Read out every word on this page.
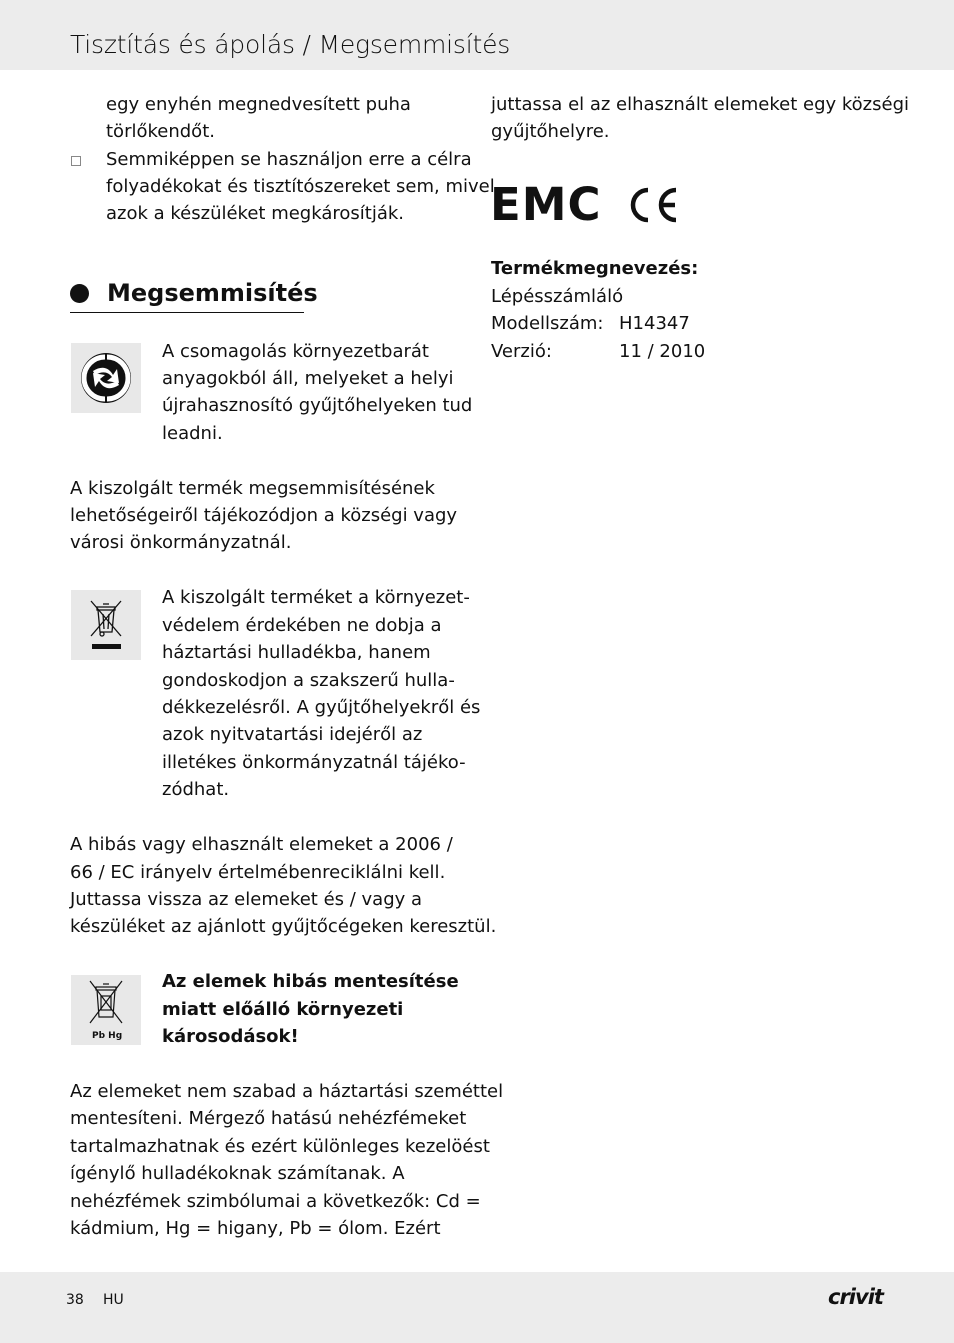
Tisztítás és ápolás / Megsemmisítés
egy enyhén megnedvesített puha
törlőkendőt.
Semmiképpen se használjon erre a célra
folyadékokat és tisztítószereket sem, mivel
azok a készüléket megkárosítják.
Megsemmisítés
A csomagolás környezetbarát
anyagokból áll, melyeket a helyi
újrahasznosító gyűjtőhelyeken tud
leadni.
A kiszolgált termék megsemmisítésének
lehetőségeiről tájékozódjon a községi vagy
városi önkormányzatnál.
A kiszolgált terméket a környezet-
védelem érdekében ne dobja a
háztartási hulladékba, hanem
gondoskodjon a szakszerű hulla-
dékkezelésről. A gyűjtőhelyekről és
azok nyitvatartási idejéről az
illetékes önkormányzatnál tájéko-
zódhat.
A hibás vagy elhasznált elemeket a 2006 /
66 / EC irányelv értelmébenreciklálni kell.
Juttassa vissza az elemeket és / vagy a
készüléket az ajánlott gyűjtőcégeken keresztül.
Pb Hg
Az elemek hibás mentesítése
miatt előálló környezeti
károsodások!
Az elemeket nem szabad a háztartási szeméttel
mentesíteni. Mérgező hatású nehézfémeket
tartalmazhatnak és ezért különleges kezelöést
ígénylő hulladékoknak számítanak. A
nehézfémek szimbólumai a következők: Cd =
kádmium, Hg = higany, Pb = ólom. Ezért
juttassa el az elhasznált elemeket egy községi
gyűjtőhelyre.
EMC
Termékmegnevezés:
Lépésszámláló
Modellszám: H14347
Verzió:	11 / 2010
38 HU	crivit
